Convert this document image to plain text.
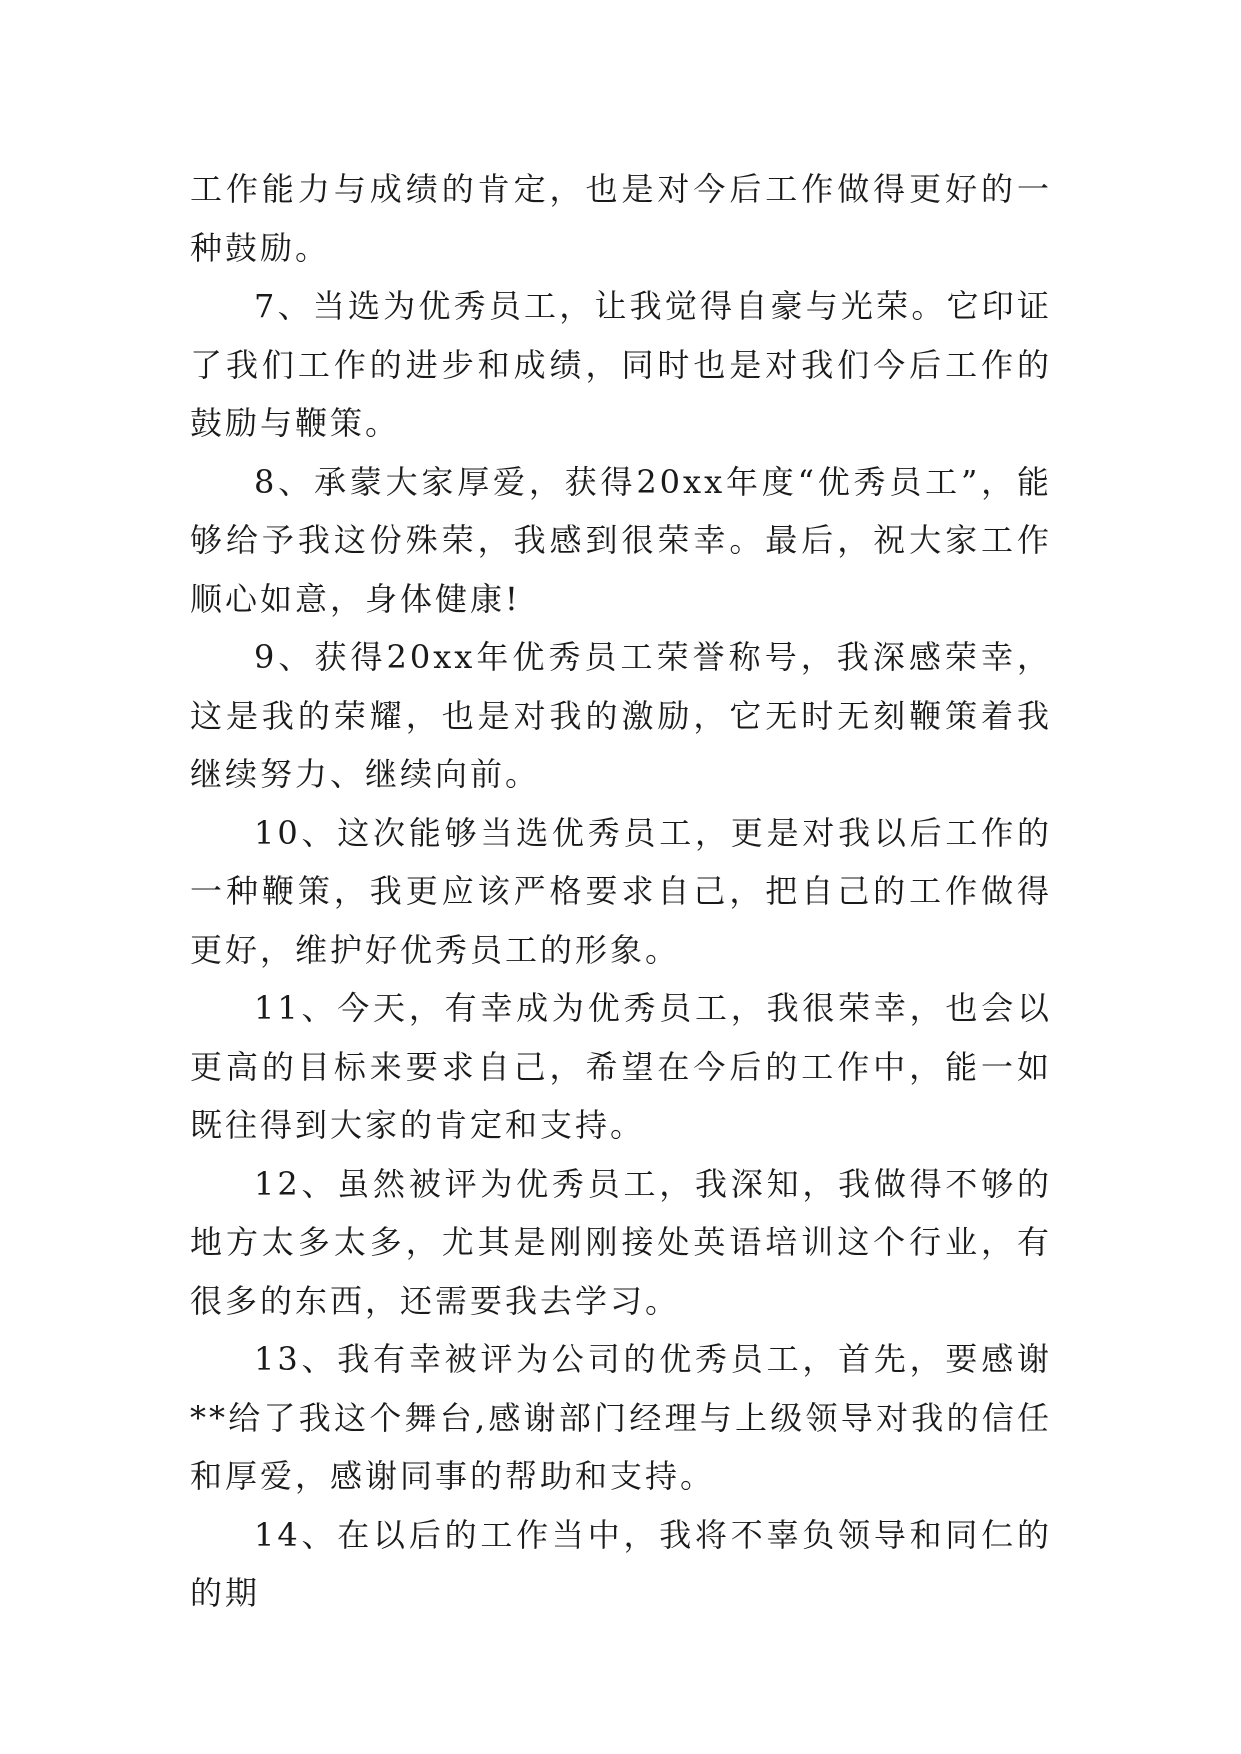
工作能力与成绩的肯定，也是对今后工作做得更好的一种鼓励。

7、当选为优秀员工，让我觉得自豪与光荣。它印证了我们工作的进步和成绩，同时也是对我们今后工作的鼓励与鞭策。

8、承蒙大家厚爱，获得20xx年度“优秀员工”，能够给予我这份殊荣，我感到很荣幸。最后，祝大家工作顺心如意，身体健康!

9、获得20xx年优秀员工荣誉称号，我深感荣幸，这是我的荣耀，也是对我的激励，它无时无刻鞭策着我继续努力、继续向前。

10、这次能够当选优秀员工，更是对我以后工作的一种鞭策，我更应该严格要求自己，把自己的工作做得更好，维护好优秀员工的形象。

11、今天，有幸成为优秀员工，我很荣幸，也会以更高的目标来要求自己，希望在今后的工作中，能一如既往得到大家的肯定和支持。

12、虽然被评为优秀员工，我深知，我做得不够的地方太多太多，尤其是刚刚接处英语培训这个行业，有很多的东西，还需要我去学习。

13、我有幸被评为公司的优秀员工，首先，要感谢**给了我这个舞台,感谢部门经理与上级领导对我的信任和厚爱，感谢同事的帮助和支持。

14、在以后的工作当中，我将不辜负领导和同仁的的期
